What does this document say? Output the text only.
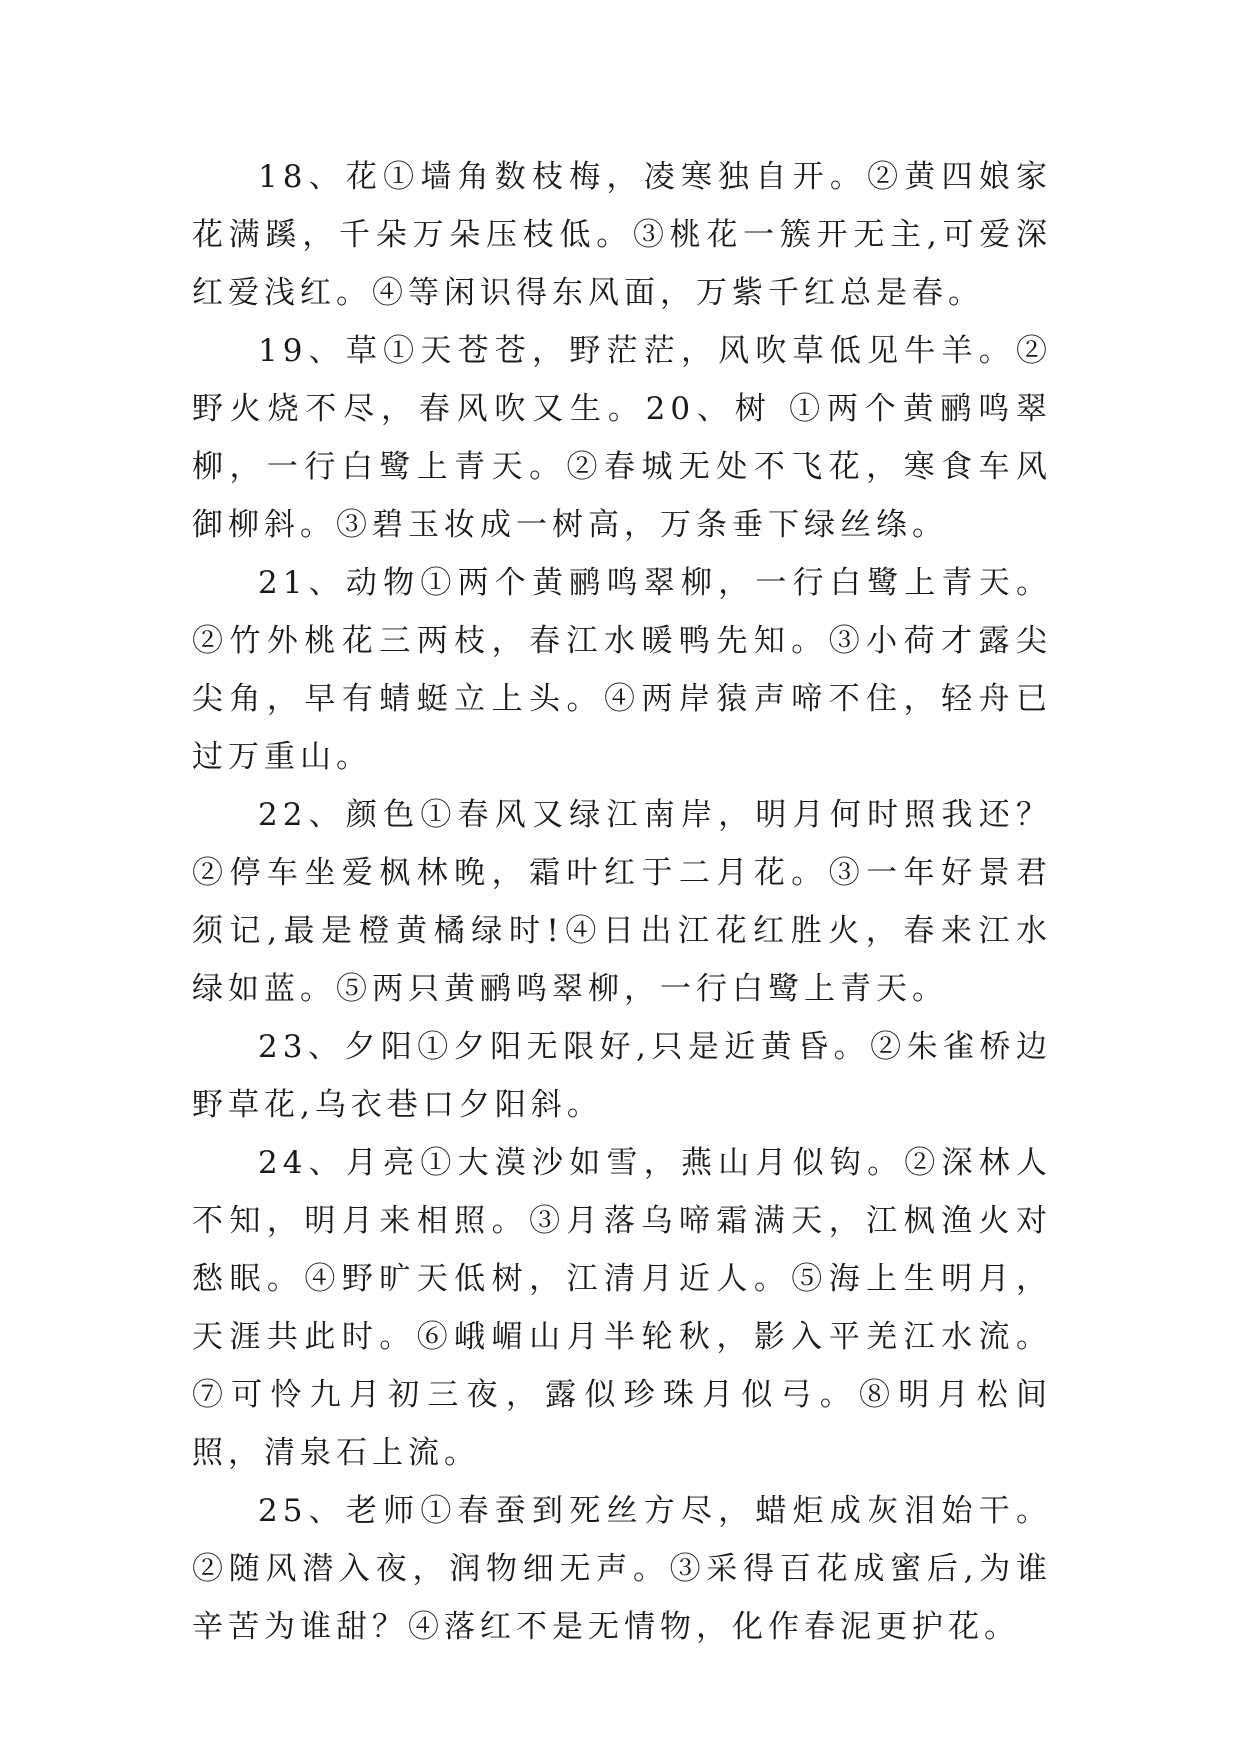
18、花①墙角数枝梅，凌寒独自开。②黄四娘家花满蹊，千朵万朵压枝低。③桃花一簇开无主,可爱深红爱浅红。④等闲识得东风面，万紫千红总是春。

19、草①天苍苍，野茫茫，风吹草低见牛羊。②野火烧不尽，春风吹又生。20、树 ①两个黄鹂鸣翠柳，一行白鹭上青天。②春城无处不飞花，寒食车风御柳斜。③碧玉妆成一树高，万条垂下绿丝绦。

21、动物①两个黄鹂鸣翠柳，一行白鹭上青天。②竹外桃花三两枝，春江水暖鸭先知。③小荷才露尖尖角，早有蜻蜓立上头。④两岸猿声啼不住，轻舟已过万重山。

22、颜色①春风又绿江南岸，明月何时照我还？②停车坐爱枫林晚，霜叶红于二月花。③一年好景君须记,最是橙黄橘绿时!④日出江花红胜火，春来江水绿如蓝。⑤两只黄鹂鸣翠柳，一行白鹭上青天。

23、夕阳①夕阳无限好,只是近黄昏。②朱雀桥边野草花,乌衣巷口夕阳斜。

24、月亮①大漠沙如雪，燕山月似钩。②深林人不知，明月来相照。③月落乌啼霜满天，江枫渔火对愁眠。④野旷天低树，江清月近人。⑤海上生明月，天涯共此时。⑥峨嵋山月半轮秋，影入平羌江水流。⑦可怜九月初三夜，露似珍珠月似弓。⑧明月松间照，清泉石上流。

25、老师①春蚕到死丝方尽，蜡炬成灰泪始干。②随风潜入夜，润物细无声。③采得百花成蜜后,为谁辛苦为谁甜？④落红不是无情物，化作春泥更护花。
